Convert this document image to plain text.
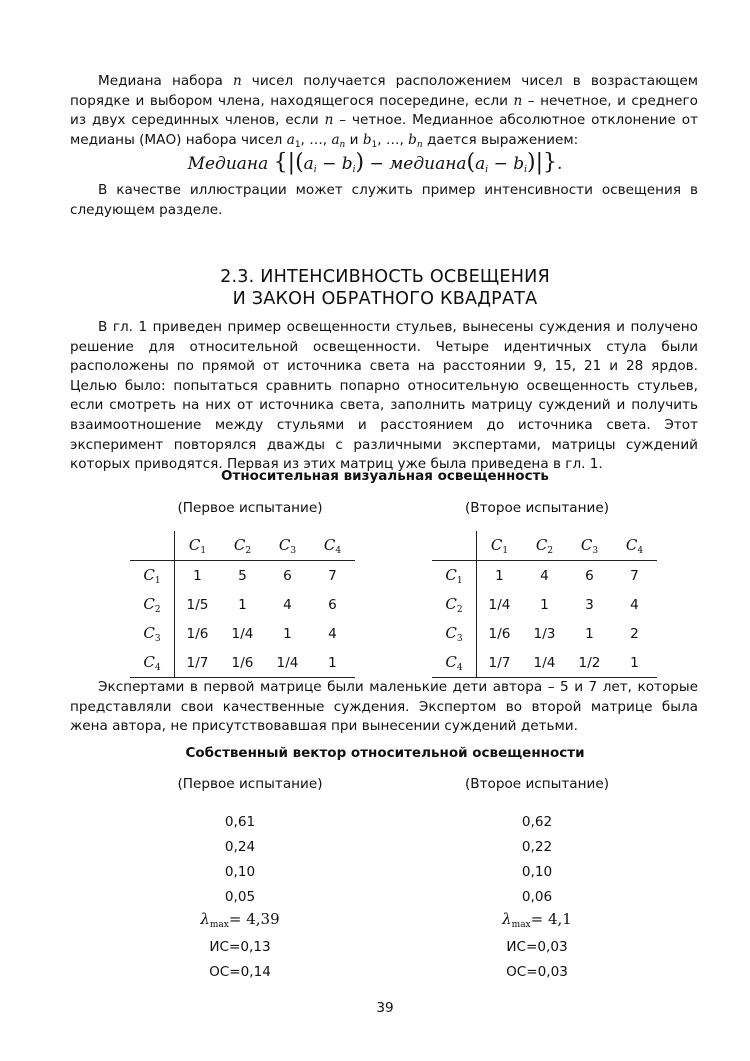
Медиана набора n чисел получается расположением чисел в возрастающем порядке и выбором члена, находящегося посередине, если n – нечетное, и среднего из двух серединных членов, если n – четное. Медианное абсолютное отклонение от медианы (МАО) набора чисел $a_1$, …, $a_n$ и $b_1$, …, $b_n$ дается выражением:

Медиана {$|(a_i - b_i)$ − $медиана(a_i - b_i)|$}.

В качестве иллюстрации может служить пример интенсивности освещения в следующем разделе.

2.3. ИНТЕНСИВНОСТЬ ОСВЕЩЕНИЯ
И ЗАКОН ОБРАТНОГО КВАДРАТА

В гл. 1 приведен пример освещенности стульев, вынесены суждения и получено решение для относительной освещенности. Четыре идентичных стула были расположены по прямой от источника света на расстоянии 9, 15, 21 и 28 ярдов. Целью было: попытаться сравнить попарно относительную освещенность стульев, если смотреть на них от источника света, заполнить матрицу суждений и получить взаимоотношение между стульями и расстоянием до источника света. Этот эксперимент повторялся дважды с различными экспертами, матрицы суждений которых приводятся. Первая из этих матриц уже была приведена в гл. 1.

Относительная визуальная освещенность
(Первое испытание)	(Второе испытание)
	$C_1$	$C_2$	$C_3$	$C_4$
$C_1$	1	5	6	7
$C_2$	1/5	1	4	6
$C_3$	1/6	1/4	1	4
$C_4$	1/7	1/6	1/4	1
	$C_1$	$C_2$	$C_3$	$C_4$
$C_1$	1	4	6	7
$C_2$	1/4	1	3	4
$C_3$	1/6	1/3	1	2
$C_4$	1/7	1/4	1/2	1

Экспертами в первой матрице были маленькие дети автора – 5 и 7 лет, которые представляли свои качественные суждения. Экспертом во второй матрице была жена автора, не присутствовавшая при вынесении суждений детьми.

Собственный вектор относительной освещенности
(Первое испытание)	(Второе испытание)
0,61
0,24
0,10
0,05
$\lambda_{max}= 4,39$
ИС=0,13
ОС=0,14
0,62
0,22
0,10
0,06
$\lambda_{max}= 4,1$
ИС=0,03
ОС=0,03
39
